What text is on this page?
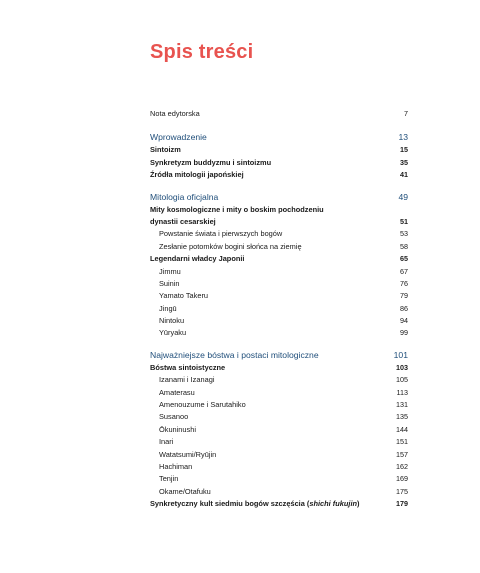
Spis treści
Nota edytorska	7
Wprowadzenie	13
Sintoizm	15
Synkretyzm buddyzmu i sintoizmu	35
Źródła mitologii japońskiej	41
Mitologia oficjalna	49
Mity kosmologiczne i mity o boskim pochodzeniu
dynastii cesarskiej	51
Powstanie świata i pierwszych bogów	53
Zesłanie potomków bogini słońca na ziemię	58
Legendarni władcy Japonii	65
Jimmu	67
Suinin	76
Yamato Takeru	79
Jingū	86
Nintoku	94
Yūryaku	99
Najważniejsze bóstwa i postaci mitologiczne	101
Bóstwa sintoistyczne	103
Izanami i Izanagi	105
Amaterasu	113
Amenouzume i Sarutahiko	131
Susanoo	135
Ōkuninushi	144
Inari	151
Watatsumi/Ryūjin	157
Hachiman	162
Tenjin	169
Okame/Otafuku	175
Synkretyczny kult siedmiu bogów szczęścia (shichi fukujin)	179
